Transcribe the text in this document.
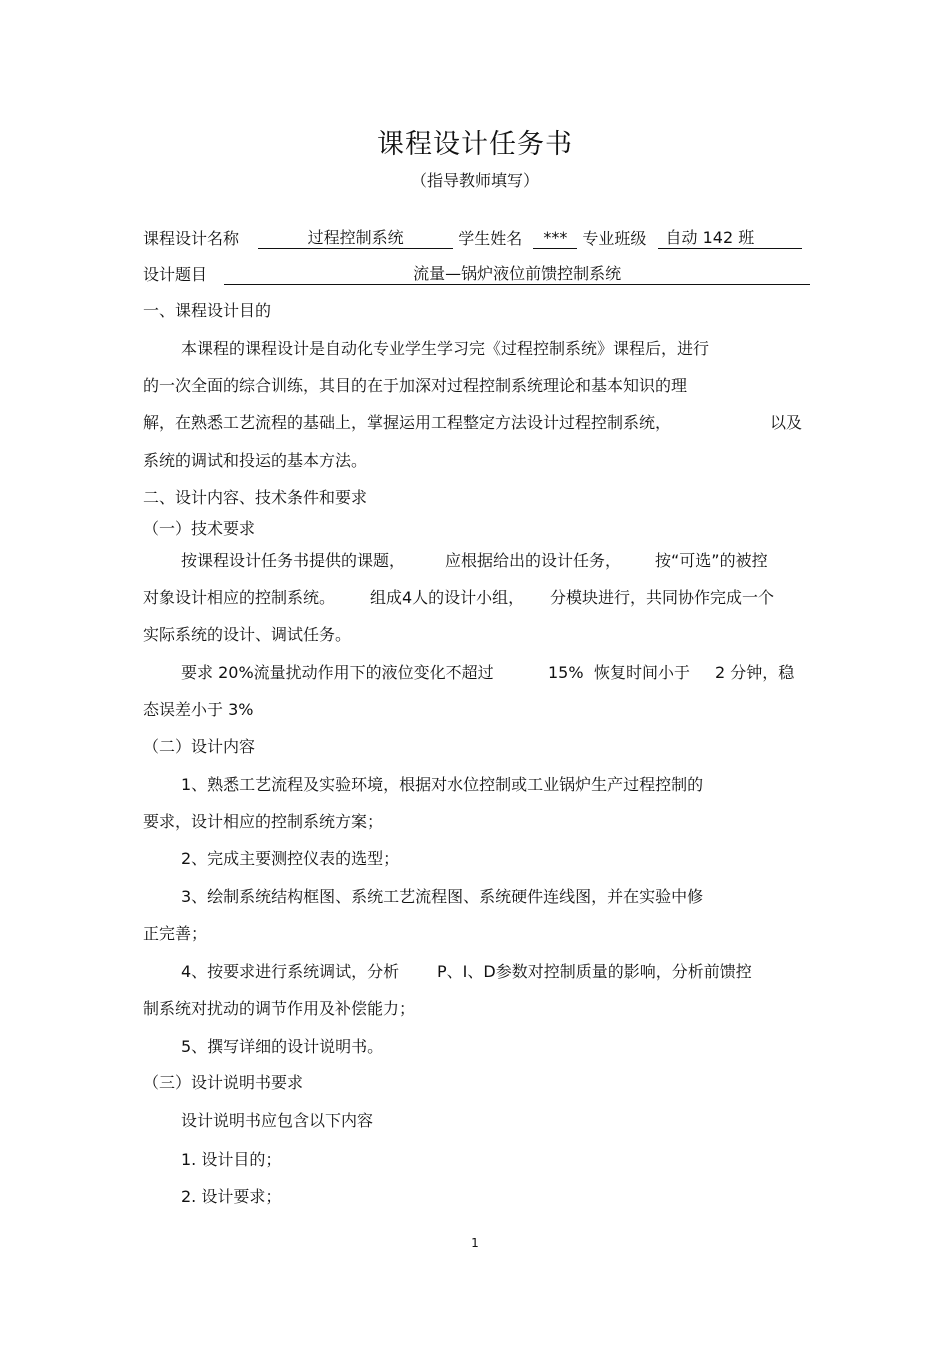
课程设计任务书
（指导教师填写）
课程设计名称	过程控制系统	学生姓名 *** 专业班级 自动 142 班
设计题目	流量—锅炉液位前馈控制系统
一、课程设计目的
本课程的课程设计是自动化专业学生学习完《过程控制系统》课程后，进行
的一次全面的综合训练，其目的在于加深对过程控制系统理论和基本知识的理
解，在熟悉工艺流程的基础上，掌握运用工程整定方法设计过程控制系统，	以及
系统的调试和投运的基本方法。
二、设计内容、技术条件和要求
（一）技术要求
按课程设计任务书提供的课题， 应根据给出的设计任务， 按“可选”的被控
对象设计相应的控制系统。 组成4人的设计小组， 分模块进行，共同协作完成一个
实际系统的设计、调试任务。
要求 20%流量扰动作用下的液位变化不超过	15% 恢复时间小于 2 分钟，稳
态误差小于 3%
（二）设计内容
1、熟悉工艺流程及实验环境，根据对水位控制或工业锅炉生产过程控制的
要求，设计相应的控制系统方案；
2、完成主要测控仪表的选型；
3、绘制系统结构框图、系统工艺流程图、系统硬件连线图，并在实验中修
正完善；
4、按要求进行系统调试，分析 P、I、D参数对控制质量的影响，分析前馈控
制系统对扰动的调节作用及补偿能力；
5、撰写详细的设计说明书。
（三）设计说明书要求
设计说明书应包含以下内容
1. 设计目的；
2. 设计要求；
1
